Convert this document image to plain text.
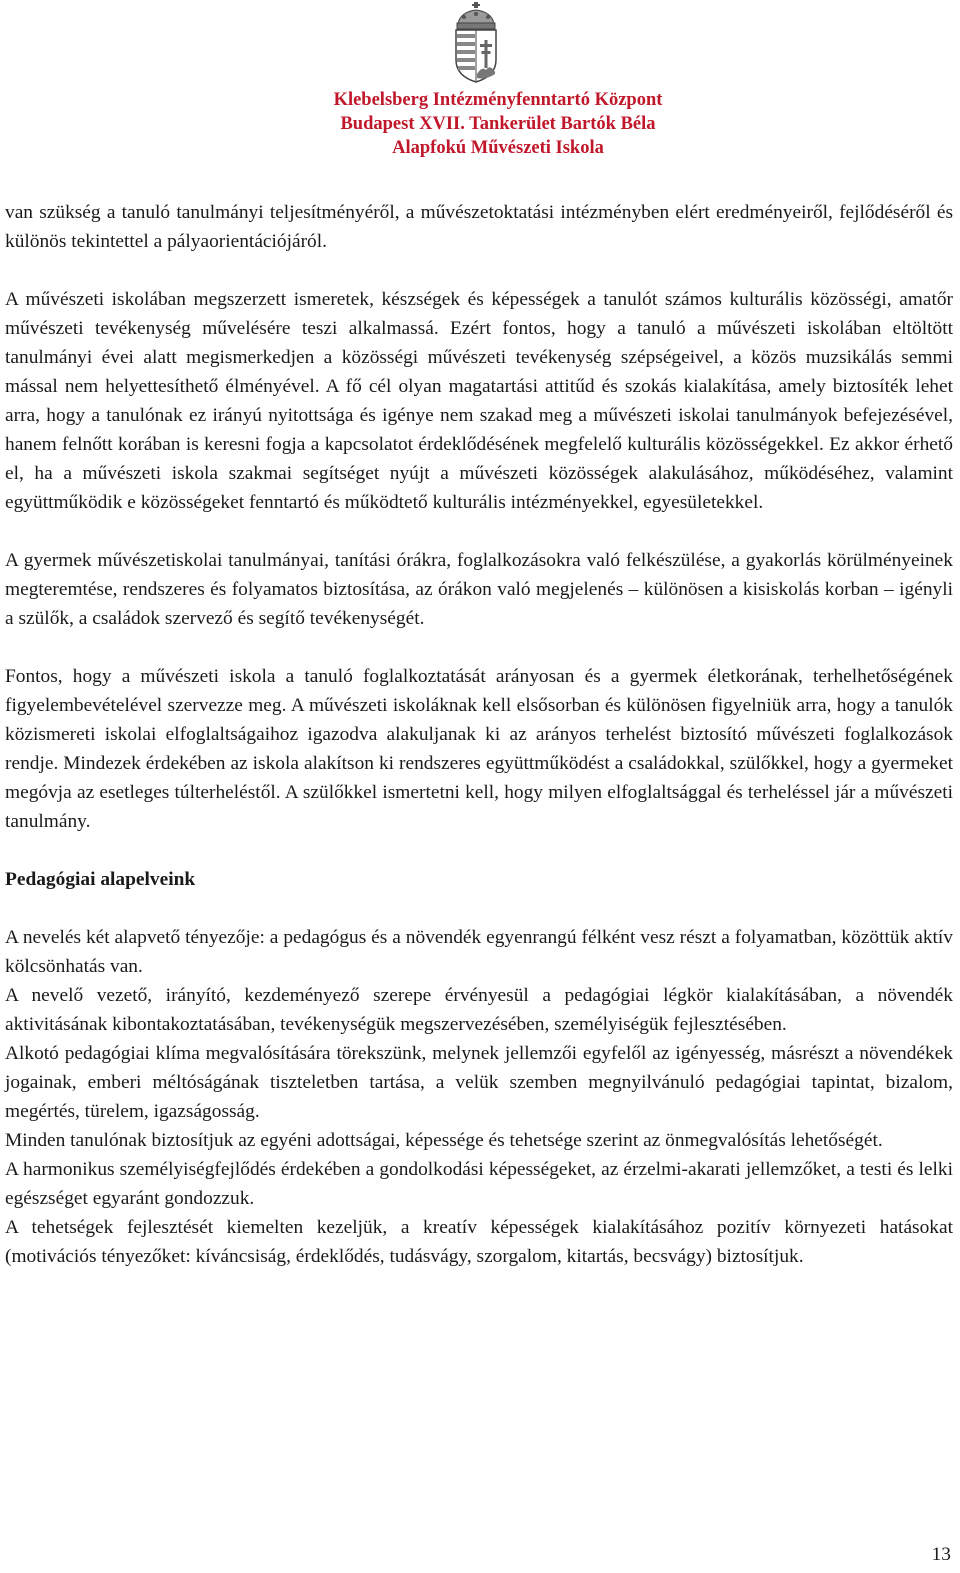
Klebelsberg Intézményfenntartó Központ
Budapest XVII. Tankerület Bartók Béla
Alapfokú Művészeti Iskola

van szükség a tanuló tanulmányi teljesítményéről, a művészetoktatási intézményben elért eredményeiről, fejlődéséről és különös tekintettel a pályaorientációjáról.

A művészeti iskolában megszerzett ismeretek, készségek és képességek a tanulót számos kulturális közösségi, amatőr művészeti tevékenység művelésére teszi alkalmassá. Ezért fontos, hogy a tanuló a művészeti iskolában eltöltött tanulmányi évei alatt megismerkedjen a közösségi művészeti tevékenység szépségeivel, a közös muzsikálás semmi mással nem helyettesíthető élményével. A fő cél olyan magatartási attitűd és szokás kialakítása, amely biztosíték lehet arra, hogy a tanulónak ez irányú nyitottsága és igénye nem szakad meg a művészeti iskolai tanulmányok befejezésével, hanem felnőtt korában is keresni fogja a kapcsolatot érdeklődésének megfelelő kulturális közösségekkel. Ez akkor érhető el, ha a művészeti iskola szakmai segítséget nyújt a művészeti közösségek alakulásához, működéséhez, valamint együttműködik e közösségeket fenntartó és működtető kulturális intézményekkel, egyesületekkel.

A gyermek művészetiskolai tanulmányai, tanítási órákra, foglalkozásokra való felkészülése, a gyakorlás körülményeinek megteremtése, rendszeres és folyamatos biztosítása, az órákon való megjelenés – különösen a kisiskolás korban – igényli a szülők, a családok szervező és segítő tevékenységét.

Fontos, hogy a művészeti iskola a tanuló foglalkoztatását arányosan és a gyermek életkorának, terhelhetőségének figyelembevételével szervezze meg. A művészeti iskoláknak kell elsősorban és különösen figyelniük arra, hogy a tanulók közismereti iskolai elfoglaltságaihoz igazodva alakuljanak ki az arányos terhelést biztosító művészeti foglalkozások rendje. Mindezek érdekében az iskola alakítson ki rendszeres együttműködést a családokkal, szülőkkel, hogy a gyermeket megóvja az esetleges túlterheléstől. A szülőkkel ismertetni kell, hogy milyen elfoglaltsággal és terheléssel jár a művészeti tanulmány.

Pedagógiai alapelveink

A nevelés két alapvető tényezője: a pedagógus és a növendék egyenrangú félként vesz részt a folyamatban, közöttük aktív kölcsönhatás van.

A nevelő vezető, irányító, kezdeményező szerepe érvényesül a pedagógiai légkör kialakításában, a növendék aktivitásának kibontakoztatásában, tevékenységük megszervezésében, személyiségük fejlesztésében.

Alkotó pedagógiai klíma megvalósítására törekszünk, melynek jellemzői egyfelől az igényesség, másrészt a növendékek jogainak, emberi méltóságának tiszteletben tartása, a velük szemben megnyilvánuló pedagógiai tapintat, bizalom, megértés, türelem, igazságosság.

Minden tanulónak biztosítjuk az egyéni adottságai, képessége és tehetsége szerint az önmegvalósítás lehetőségét.

A harmonikus személyiségfejlődés érdekében a gondolkodási képességeket, az érzelmi-akarati jellemzőket, a testi és lelki egészséget egyaránt gondozzuk.

A tehetségek fejlesztését kiemelten kezeljük, a kreatív képességek kialakításához pozitív környezeti hatásokat (motivációs tényezőket: kíváncsiság, érdeklődés, tudásvágy, szorgalom, kitartás, becsvágy) biztosítjuk.

13
